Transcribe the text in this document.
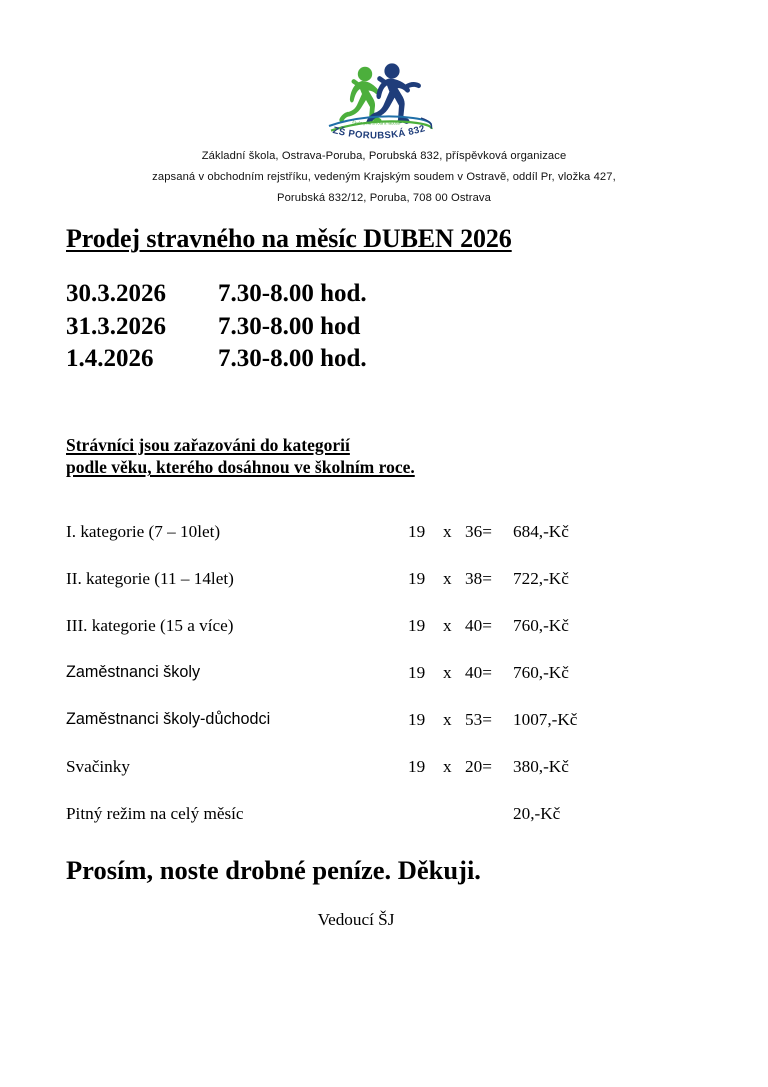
Škola plná života a radosti
ZŠ PORUBSKÁ 832
Základní škola, Ostrava-Poruba, Porubská 832, příspěvková organizace
zapsaná v obchodním rejstříku, vedeným Krajským soudem v Ostravě, oddíl Pr, vložka 427,
Porubská 832/12, Poruba, 708 00 Ostrava
Prodej stravného na měsíc DUBEN 2026
30.3.2026	7.30-8.00 hod.
31.3.2026	7.30-8.00 hod
1.4.2026	7.30-8.00 hod.
Strávníci jsou zařazováni do kategorií
podle věku, kterého dosáhnou ve školním roce.
I. kategorie (7 – 10let)	19	x 36= 684,-Kč
II. kategorie (11 – 14let)	19	x 38= 722,-Kč
III. kategorie (15 a více)	19	x 40= 760,-Kč
Zaměstnanci školy	19	x 40= 760,-Kč
Zaměstnanci školy-důchodci	19	x 53= 1007,-Kč
Svačinky	19	x 20= 380,-Kč
Pitný režim na celý měsíc	20,-Kč
Prosím, noste drobné peníze. Děkuji.
Vedoucí ŠJ
